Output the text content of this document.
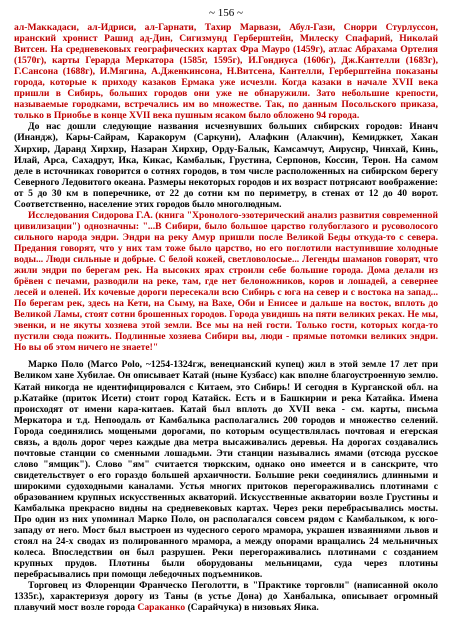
~ 156 ~

ал-Маккадаси, ал-Идриси, ал-Гарнати, Тахир Марвази, Абул-Гази, Снорри Стурлуссон, иранский хронист Рашид ад-Дин, Сигизмунд Герберштейн, Милеску Спафарий, Николай Витсен. На средневековых географических картах Фра Мауро (1459г), атлас Абрахама Ортелия (1570г), карты Герарда Меркатора (1585г, 1595г), И.Гондиуса (1606г), Дж.Кантелли (1683г), Г.Сансона (1688г), И.Мягина, А.Дженкинсона, Н.Витсена, Кантелли, Герберштейна показаны города, которые к приходу казаков Ермака уже исчезли. Когда казаки в начале XVII века пришли в Сибирь, больших городов они уже не обнаружили. Зато небольшие крепости, называемые городками, встречались им во множестве. Так, по данным Посольского приказа, только в Приобье в конце XVII века пушным ясаком было обложено 94 города.

До нас дошли следующие названия исчезнувших больших сибирских городов: Инанч (Инандж), Кары-Сайрам, Каракорум (Саркуни), Алафкин (Алакчин), Кемиджкет, Хакан Хирхир, Даранд Хирхир, Назаран Хирхир, Орду-Балык, Камсамчут, Аируснр, Чинхай, Кинь, Илай, Арса, Сахадрут, Ика, Кикас, Камбалык, Грустина, Серпонов, Коссин, Терон. На самом деле в источниках говорится о сотнях городов, в том числе расположенных на сибирском берегу Северного Ледовитого океана. Размеры некоторых городов и их возраст потрясают воображение: от 5 до 30 км в поперечнике, от 22 до сотни км по периметру, в стенах от 12 до 40 ворот. Соответственно, население этих городов было многолюдным.

Исследования Сидорова Г.А. (книга "Хронолого-эзотерический анализ развития современной цивилизации") однозначны: "...В Сибири, было большое царство голубоглазого и русоволосого сильного народа эндри. Эндри на реку Амур пришли после Великой Беды откуда-то с севера. Предания говорят, что у них там тоже было царство, но его поглотили наступившие холодные воды... Люди сильные и добрые. С белой кожей, светловолосые... Легенды шаманов говорят, что жили эндри по берегам рек. На высоких ярах строили себе большие города. Дома делали из брёвен с печами, разводили на реке, там, где нет белоножников, коров и лошадей, а севернее лесей и оленей. Их кочевые дороги пересекали всю Сибирь с юга на север и с востока на запад... По берегам рек, здесь на Кети, на Сыму, на Вахе, Оби и Енисее и дальше на восток, вплоть до Великой Ламы, стоят сотни брошенных городов. Города увидишь на пяти великих реках. Не мы, эвенки, и не якуты хозяева этой земли. Все мы на ней гости. Только гости, которых когда-то пустили сюда пожить. Подлинные хозяева Сибири вы, люди - прямые потомки великих эндри. Но вы об этом ничего не знаете!"

Марко Поло (Marco Polo, ~1254-1324гж, венецианский купец) жил в этой земле 17 лет при Великом хане Хубилае. Он описывает Катай (ныне Кузбасс) как вполне благоустроенную землю. Катай никогда не идентифицировался с Китаем, это Сибирь! И сегодня в Курганской обл. на р.Катайке (приток Исети) стоит город Катайск. Есть и в Башкирии и река Катайка. Имена происходят от имени кара-китаев. Катай был вплоть до XVII века - см. карты, письма Меркатора и т.д. Непоодаль от Камбалыка располагались 200 городов и множество селений. Города соединялись мощеными дорогами, по которым осуществлялась почтовая и егерская связь, а вдоль дорог через каждые два метра высаживались деревья. На дорогах создавались почтовые станции со сменными лошадьми. Эти станции назывались ямами (отсюда русское слово "ямщик"). Слово "ям" считается тюркским, однако оно имеется и в санскрите, что свидетельствует о его гораздо большей архаичности. Большие реки соединялись длинными и широкими судоходными каналами. Устья многих притоков перегораживались плотинами с образованием крупных искусственных акваторий. Искусственные акватории возле Грустины и Камбалыка прекрасно видны на средневековых картах. Через реки перебрасывались мосты. Про один из них упоминал Марко Поло, он располагался совсем рядом с Камбалыком, к юго-западу от него. Мост был выстроен из чудесного серого мрамора, украшен изваяниями львов и стоял на 24-х сводах из полированного мрамора, а между опорами вращались 24 мельничных колеса. Впоследствии он был разрушен. Реки перегораживались плотинами с созданием крупных прудов. Плотины были оборудованы мельницами, суда через плотины перебрасывались при помощи лебедочных подъемников.

Торговец из Флоренции Франческо Пеголотти, в "Практике торговли" (написанной около 1335г.), характеризуя дорогу из Таны (в устье Дона) до Ханбалыка, описывает огромный плавучий мост возле города Сараканко (Сарайчука) в низовьях Яика.
